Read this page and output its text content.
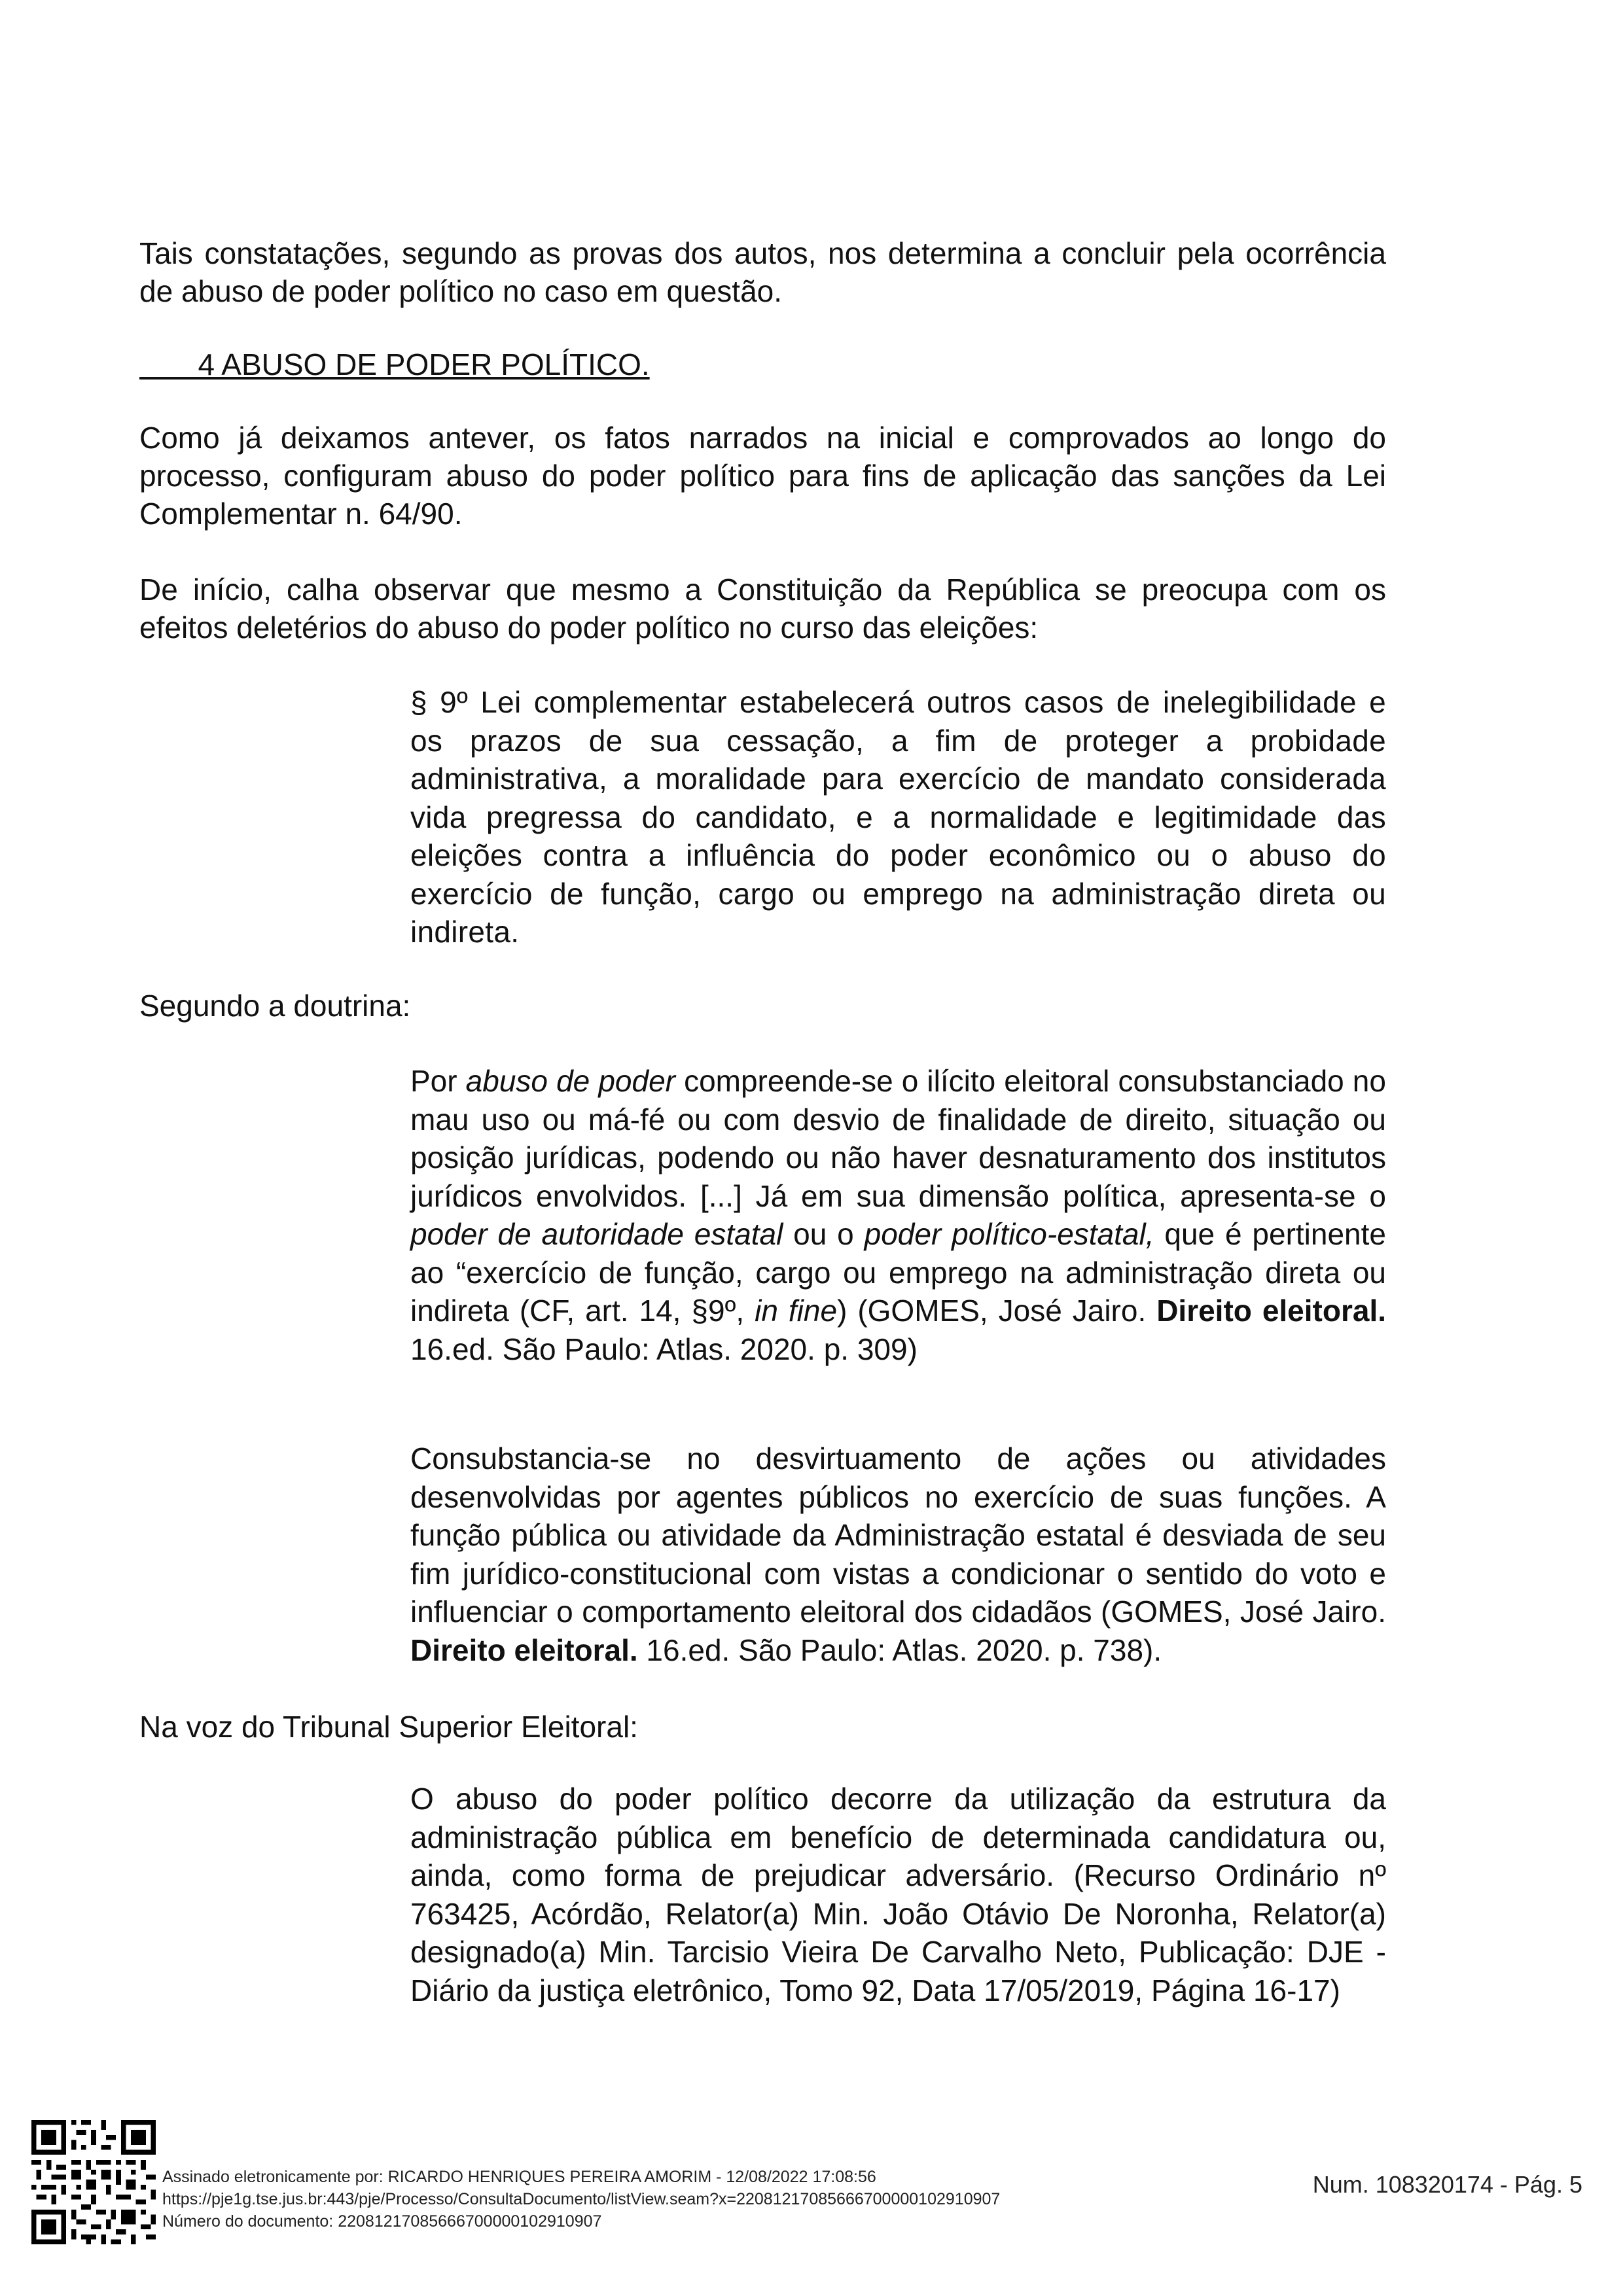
Tais constatações, segundo as provas dos autos, nos determina a concluir pela ocorrência de abuso de poder político no caso em questão.

4 ABUSO DE PODER POLÍTICO.

Como já deixamos antever, os fatos narrados na inicial e comprovados ao longo do processo, configuram abuso do poder político para fins de aplicação das sanções da Lei Complementar n. 64/90.

De início, calha observar que mesmo a Constituição da República se preocupa com os efeitos deletérios do abuso do poder político no curso das eleições:

§ 9º Lei complementar estabelecerá outros casos de inelegibilidade e os prazos de sua cessação, a fim de proteger a probidade administrativa, a moralidade para exercício de mandato considerada vida pregressa do candidato, e a normalidade e legitimidade das eleições contra a influência do poder econômico ou o abuso do exercício de função, cargo ou emprego na administração direta ou indireta.

Segundo a doutrina:

Por abuso de poder compreende-se o ilícito eleitoral consubstanciado no mau uso ou má-fé ou com desvio de finalidade de direito, situação ou posição jurídicas, podendo ou não haver desnaturamento dos institutos jurídicos envolvidos. [...] Já em sua dimensão política, apresenta-se o poder de autoridade estatal ou o poder político-estatal, que é pertinente ao “exercício de função, cargo ou emprego na administração direta ou indireta (CF, art. 14, §9º, in fine) (GOMES, José Jairo. Direito eleitoral. 16.ed. São Paulo: Atlas. 2020. p. 309)

Consubstancia-se no desvirtuamento de ações ou atividades desenvolvidas por agentes públicos no exercício de suas funções. A função pública ou atividade da Administração estatal é desviada de seu fim jurídico-constitucional com vistas a condicionar o sentido do voto e influenciar o comportamento eleitoral dos cidadãos (GOMES, José Jairo. Direito eleitoral. 16.ed. São Paulo: Atlas. 2020. p. 738).

Na voz do Tribunal Superior Eleitoral:

O abuso do poder político decorre da utilização da estrutura da administração pública em benefício de determinada candidatura ou, ainda, como forma de prejudicar adversário. (Recurso Ordinário nº 763425, Acórdão, Relator(a) Min. João Otávio De Noronha, Relator(a) designado(a) Min. Tarcisio Vieira De Carvalho Neto, Publicação: DJE - Diário da justiça eletrônico, Tomo 92, Data 17/05/2019, Página 16-17)

Assinado eletronicamente por: RICARDO HENRIQUES PEREIRA AMORIM - 12/08/2022 17:08:56
https://pje1g.tse.jus.br:443/pje/Processo/ConsultaDocumento/listView.seam?x=22081217085666700000102910907
Número do documento: 22081217085666700000102910907
Num. 108320174 - Pág. 5
